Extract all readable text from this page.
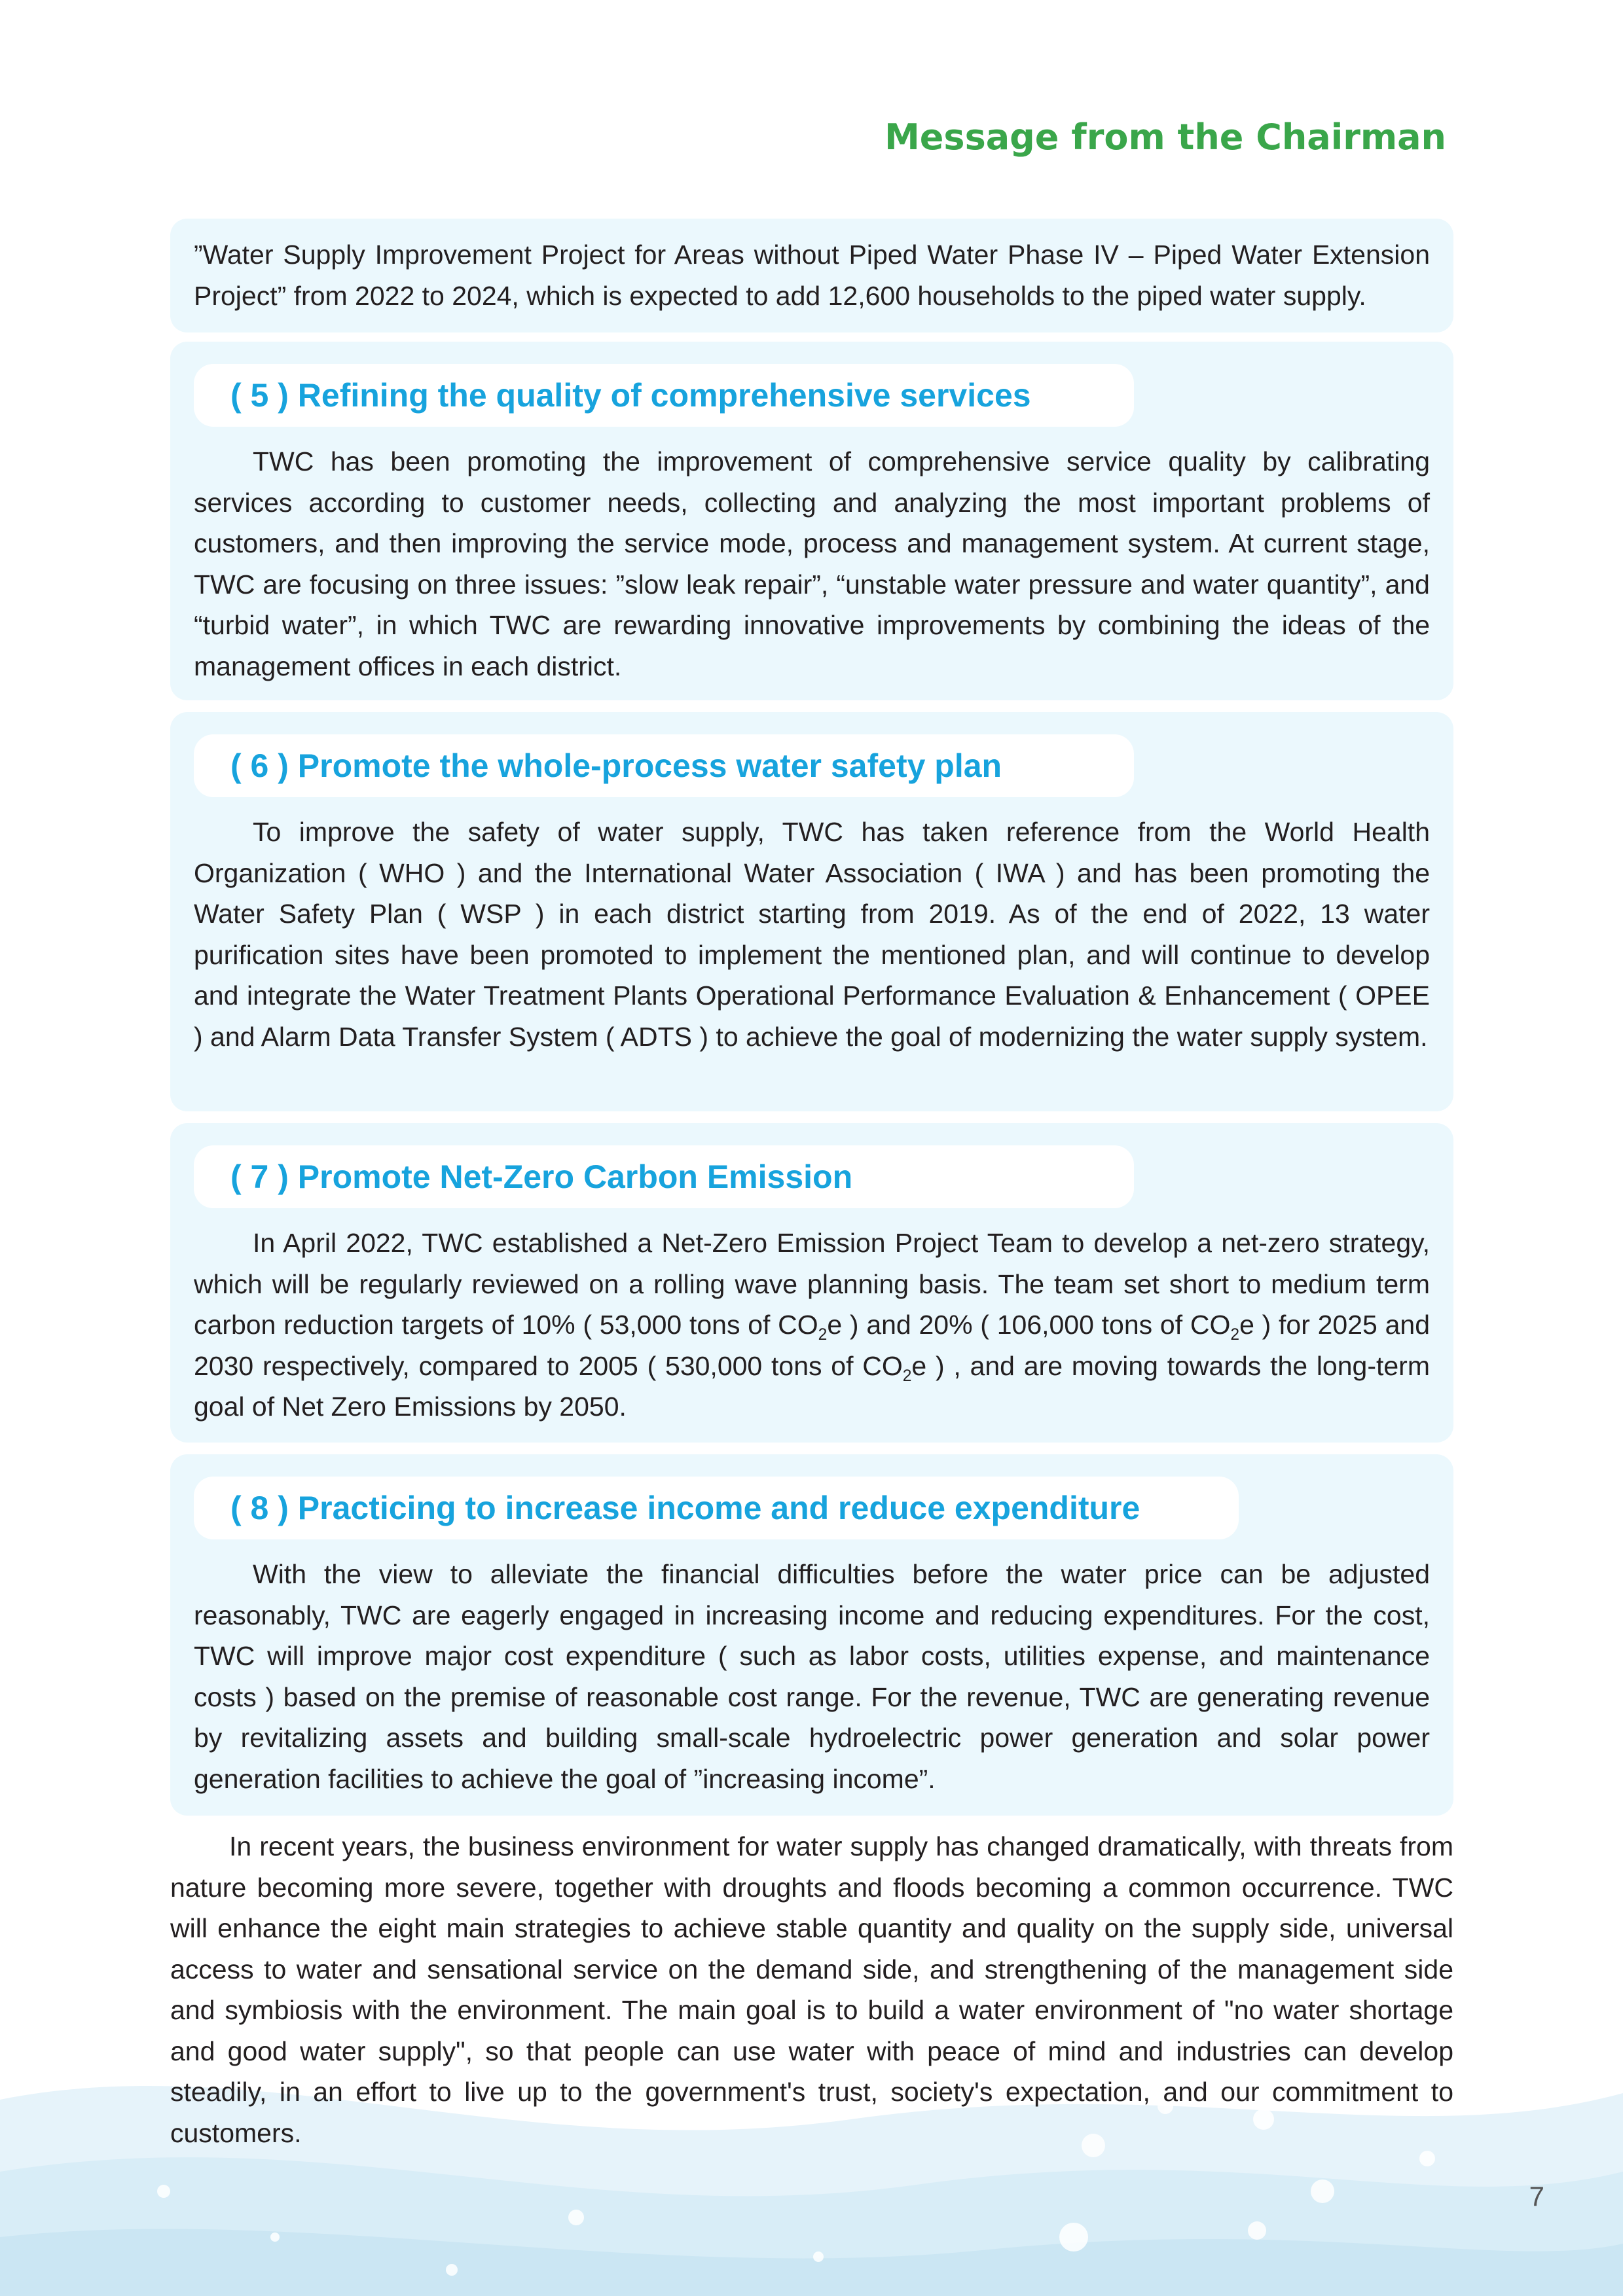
Message from the Chairman

”Water Supply Improvement Project for Areas without Piped Water Phase IV – Piped Water Extension Project” from 2022 to 2024, which is expected to add 12,600 households to the piped water supply.

( 5 ) Refining the quality of comprehensive services

TWC has been promoting the improvement of comprehensive service quality by calibrating services according to customer needs, collecting and analyzing the most important problems of customers, and then improving the service mode, process and management system. At current stage, TWC are focusing on three issues: ”slow leak repair”, “unstable water pressure and water quantity”, and “turbid water”, in which TWC are rewarding innovative improvements by combining the ideas of the management offices in each district.

( 6 ) Promote the whole-process water safety plan

To improve the safety of water supply, TWC has taken reference from the World Health Organization ( WHO ) and the International Water Association ( IWA ) and has been promoting the Water Safety Plan ( WSP ) in each district starting from 2019. As of the end of 2022, 13 water purification sites have been promoted to implement the mentioned plan, and will continue to develop and integrate the Water Treatment Plants Operational Performance Evaluation & Enhancement ( OPEE ) and Alarm Data Transfer System ( ADTS ) to achieve the goal of modernizing the water supply system.

( 7 ) Promote Net-Zero Carbon Emission

In April 2022, TWC established a Net-Zero Emission Project Team to develop a net-zero strategy, which will be regularly reviewed on a rolling wave planning basis. The team set short to medium term carbon reduction targets of 10% ( 53,000 tons of $CO_2e$ ) and 20% ( 106,000 tons of $CO_2e$ ) for 2025 and 2030 respectively, compared to 2005 ( 530,000 tons of $CO_2e$ ) , and are moving towards the long-term goal of Net Zero Emissions by 2050.

( 8 ) Practicing to increase income and reduce expenditure

With the view to alleviate the financial difficulties before the water price can be adjusted reasonably, TWC are eagerly engaged in increasing income and reducing expenditures. For the cost, TWC will improve major cost expenditure ( such as labor costs, utilities expense, and maintenance costs ) based on the premise of reasonable cost range. For the revenue, TWC are generating revenue by revitalizing assets and building small-scale hydroelectric power generation and solar power generation facilities to achieve the goal of ”increasing income”.

In recent years, the business environment for water supply has changed dramatically, with threats from nature becoming more severe, together with droughts and floods becoming a common occurrence. TWC will enhance the eight main strategies to achieve stable quantity and quality on the supply side, universal access to water and sensational service on the demand side, and strengthening of the management side and symbiosis with the environment. The main goal is to build a water environment of "no water shortage and good water supply", so that people can use water with peace of mind and industries can develop steadily, in an effort to live up to the government's trust, society's expectation, and our commitment to customers.

7
